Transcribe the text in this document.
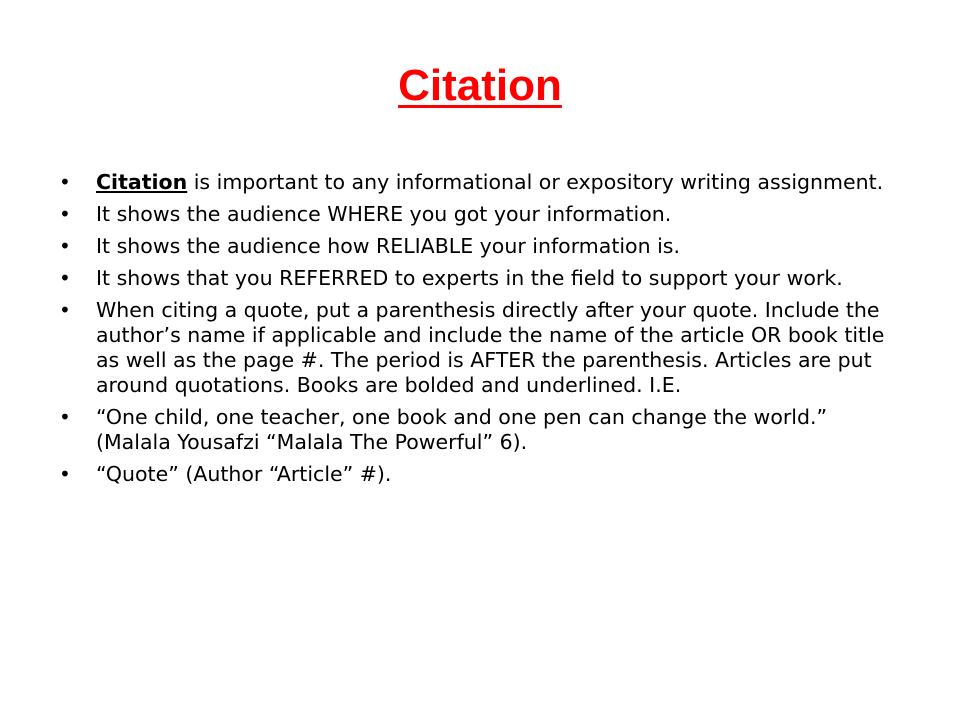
Citation
• Citation is important to any informational or expository writing assignment.
• It shows the audience WHERE you got your information.
• It shows the audience how RELIABLE your information is.
• It shows that you REFERRED to experts in the field to support your work.
• When citing a quote, put a parenthesis directly after your quote. Include the author’s name if applicable and include the name of the article OR book title as well as the page #. The period is AFTER the parenthesis. Articles are put around quotations. Books are bolded and underlined. I.E.
• “One child, one teacher, one book and one pen can change the world.” (Malala Yousafzi “Malala The Powerful” 6).
• “Quote” (Author “Article” #).
